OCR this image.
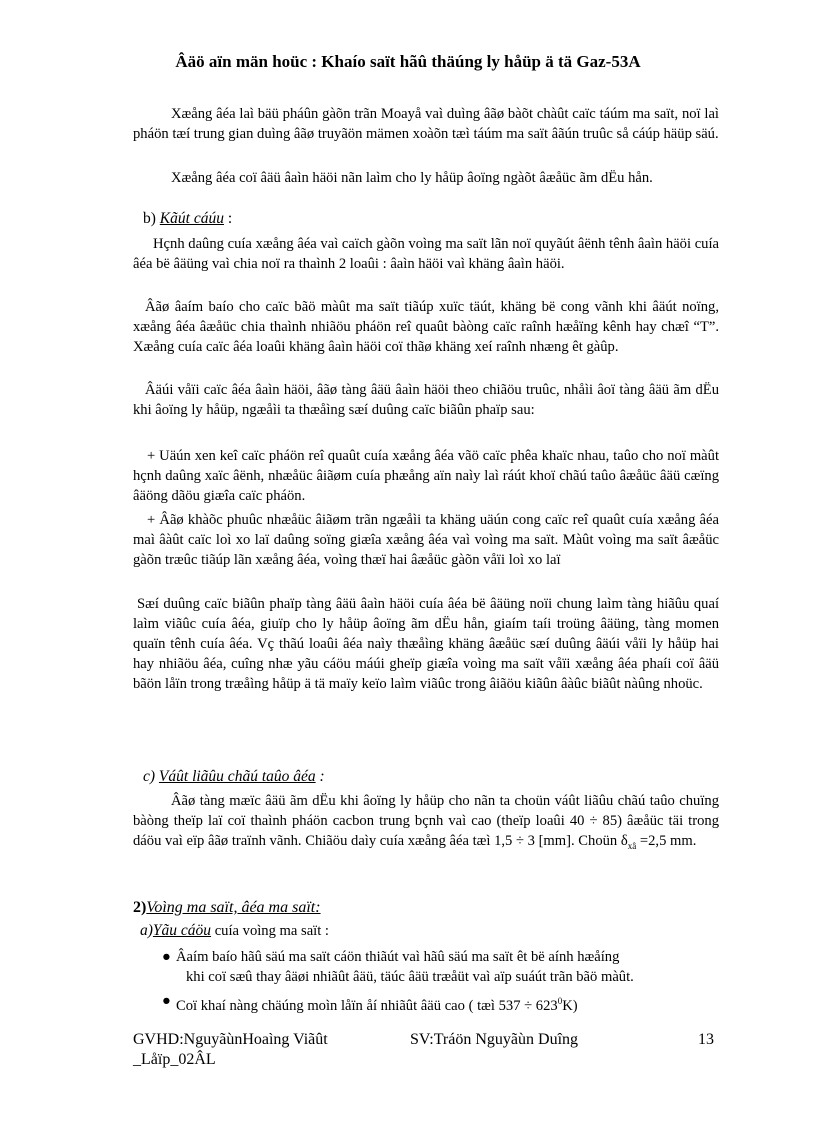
Âäö aïn män hoüc : Khaío saït hãû thäúng ly håüp ä tä Gaz-53A

Xæång âéa laì bäü pháûn gàõn trãn Moayå vaì duìng âãø bàõt chàût caïc táúm ma saït, noï laì pháön tæí trung gian duìng âãø truyãön mämen xoàõn tæì táúm ma saït âãún truûc så cáúp häüp säú.

Xæång âéa coï âäü âaìn häöi nãn laìm cho ly håüp âoïng ngàõt âæåüc ãm dËu hån.

b) Kãút cáúu :

Hçnh daûng cuía xæång âéa vaì caïch gàõn voìng ma saït lãn noï quyãút âënh tênh âaìn häöi cuía âéa bë âäüng vaì chia noï ra thaình 2 loaûi : âaìn häöi vaì khäng âaìn häöi.

Âãø âaím baío cho caïc bãö màût ma saït tiãúp xuïc täút, khäng bë cong vãnh khi âäút noïng, xæång âéa âæåüc chia thaình nhiãöu pháön reî quaût bàòng caïc raînh hæåïng kênh hay chæî “T”. Xæång cuía caïc âéa loaûi khäng âaìn häöi coï thãø khäng xeí raînh nhæng êt gàûp.

Âäúi våïi caïc âéa âaìn häöi, âãø tàng âäü âaìn häöi theo chiãöu truûc, nhåìi âoï tàng âäü ãm dËu khi âoïng ly håüp, ngæåìi ta thæåìng sæí duûng caïc biãûn phaïp sau:

+ Uäún xen keî caïc pháön reî quaût cuía xæång âéa vãö caïc phêa khaïc nhau, taûo cho noï màût hçnh daûng xaïc âënh, nhæåüc âiãøm cuía phæång aïn naìy laì ráút khoï chãú taûo âæåüc âäü cæïng âäöng dãöu giæîa caïc pháön.

+ Âãø khàõc phuûc nhæåüc âiãøm trãn ngæåìi ta khäng uäún cong caïc reî quaût cuía xæång âéa maì âàût caïc loì xo laï daûng soïng giæîa xæång âéa vaì voìng ma saït. Màût voìng ma saït âæåüc gàõn træûc tiãúp lãn xæång âéa, voìng thæï hai âæåüc gàõn våïi loì xo laï

Sæí duûng caïc biãûn phaïp tàng âäü âaìn häöi cuía âéa bë âäüng noïi chung laìm tàng hiãûu quaí laìm viãûc cuía âéa, giuïp cho ly håüp âoïng ãm dËu hån, giaím taíi troüng âäüng, tàng momen quaïn tênh cuía âéa. Vç thãú loaûi âéa naìy thæåìng khäng âæåüc sæí duûng âäúi våïi ly håüp hai hay nhiãöu âéa, cuîng nhæ yãu cáöu máúi gheïp giæîa voìng ma saït våïi xæång âéa phaíi coï âäü bãön låïn trong træåìng håüp ä tä maïy keïo laìm viãûc trong âiãöu kiãûn âàûc biãût nàûng nhoüc.

c) Váût liãûu chãú taûo âéa :

Âãø tàng mæïc âäü ãm dËu khi âoïng ly håüp cho nãn ta choün váût liãûu chãú taûo chuïng bàòng theïp laï coï thaình pháön cacbon trung bçnh vaì cao (theïp loaûi 40 ÷ 85) âæåüc täi trong dáöu vaì eïp âãø traïnh vãnh. Chiãöu daìy cuía xæång âéa tæì 1,5 ÷ 3 [mm]. Choün $\delta_{xâ} =2,5$ mm.

2)Voìng ma saït, âéa ma saït:
a)Yãu cáöu cuía voìng ma saït :
● Âaím baío hãû säú ma saït cáön thiãút vaì hãû säú ma saït êt bë aính hæåíng
khi coï sæû thay âäøi nhiãût âäü, täúc âäü træåüt vaì aïp suáút trãn bãö màût.
● Coï khaí nàng chäúng moìn låïn åí nhiãût âäü cao ( tæì $537 \div 623^0K$)
GVHD:NguyãùnHoaìng Viãût
_Låïp_02ÂL
SV:Tráön Nguyãùn Duîng	13
